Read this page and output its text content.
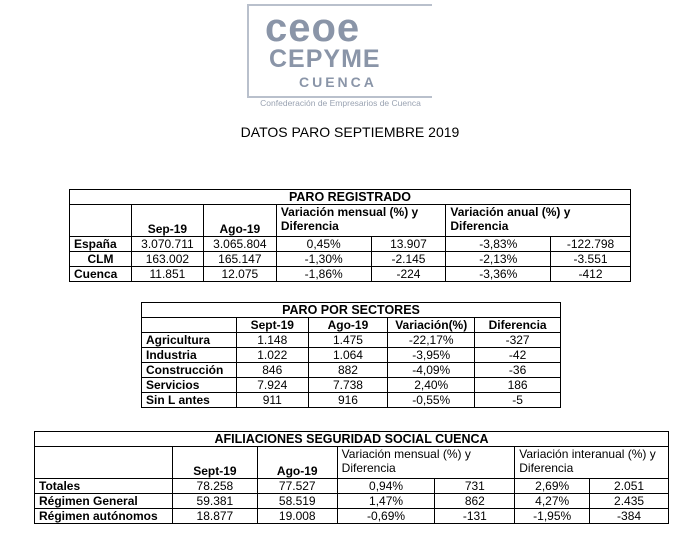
ceoe
CEPYME
CUENCA
Confederación de Empresarios de Cuenca
DATOS PARO SEPTIEMBRE 2019
PARO REGISTRADO						
	Sep-19	Ago-19	Variación mensual (%) y Diferencia		Variación anual (%) y Diferencia	
España	3.070.711	3.065.804	0,45%	13.907	-3,83%	-122.798
CLM	163.002	165.147	-1,30%	-2.145	-2,13%	-3.551
Cuenca	11.851	12.075	-1,86%	-224	-3,36%	-412
PARO POR SECTORES				
	Sept-19	Ago-19	Variación(%)	Diferencia
Agricultura	1.148	1.475	-22,17%	-327
Industria	1.022	1.064	-3,95%	-42
Construcción	846	882	-4,09%	-36
Servicios	7.924	7.738	2,40%	186
Sin L antes	911	916	-0,55%	-5
AFILIACIONES SEGURIDAD SOCIAL CUENCA						
	Sept-19	Ago-19	Variación mensual (%) y Diferencia		Variación interanual (%) y Diferencia	
Totales	78.258	77.527	0,94%	731	2,69%	2.051
Régimen General	59.381	58.519	1,47%	862	4,27%	2.435
Régimen autónomos	18.877	19.008	-0,69%	-131	-1,95%	-384
